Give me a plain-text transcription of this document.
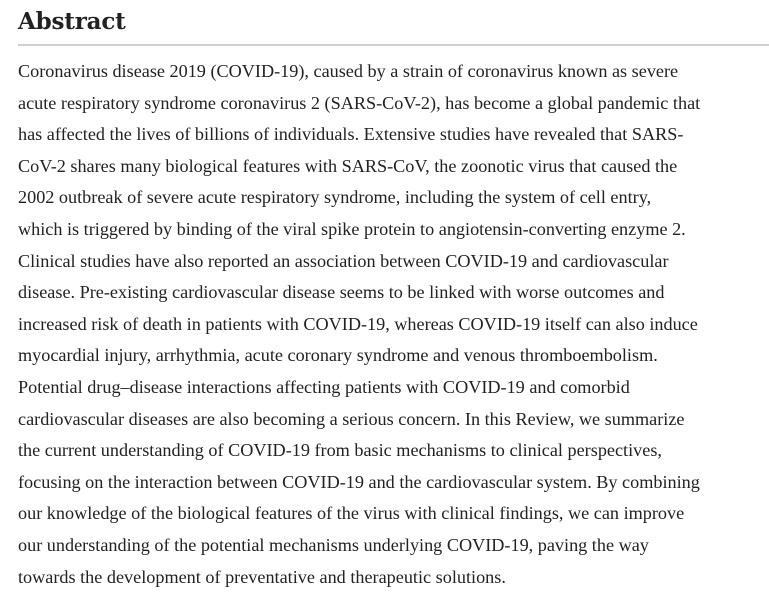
Abstract

Coronavirus disease 2019 (COVID-19), caused by a strain of coronavirus known as severe
acute respiratory syndrome coronavirus 2 (SARS-CoV-2), has become a global pandemic that
has affected the lives of billions of individuals. Extensive studies have revealed that SARS-
CoV-2 shares many biological features with SARS-CoV, the zoonotic virus that caused the
2002 outbreak of severe acute respiratory syndrome, including the system of cell entry,
which is triggered by binding of the viral spike protein to angiotensin-converting enzyme 2.
Clinical studies have also reported an association between COVID-19 and cardiovascular
disease. Pre-existing cardiovascular disease seems to be linked with worse outcomes and
increased risk of death in patients with COVID-19, whereas COVID-19 itself can also induce
myocardial injury, arrhythmia, acute coronary syndrome and venous thromboembolism.
Potential drug–disease interactions affecting patients with COVID-19 and comorbid
cardiovascular diseases are also becoming a serious concern. In this Review, we summarize
the current understanding of COVID-19 from basic mechanisms to clinical perspectives,
focusing on the interaction between COVID-19 and the cardiovascular system. By combining
our knowledge of the biological features of the virus with clinical findings, we can improve
our understanding of the potential mechanisms underlying COVID-19, paving the way
towards the development of preventative and therapeutic solutions.
